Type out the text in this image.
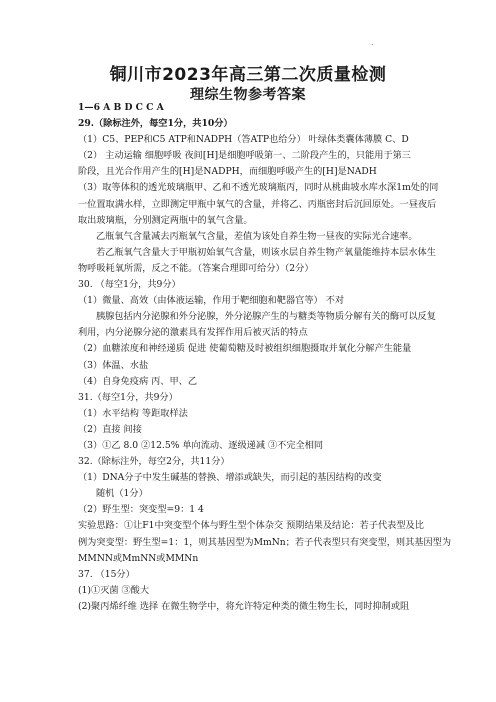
.
铜川市2023年高三第二次质量检测
理综生物参考答案
1—6 A B D C C A
29.（除标注外，每空1分，共10分）
（1）C5、PEP和C5 ATP和NADPH（答ATP也给分） 叶绿体类囊体薄膜 C、D
（2） 主动运输 细胞呼吸 夜间[H]是细胞呼吸第一、二阶段产生的，只能用于第三
阶段，且光合作用产生的[H]是NADPH，而细胞呼吸产生的[H]是NADH
（3）取等体积的透光玻璃瓶甲、乙和不透光玻璃瓶丙，同时从桃曲坡水库水深1m处的同
一位置取满水样，立即测定甲瓶中氧气的含量，并将乙、丙瓶密封后沉回原处。一昼夜后
取出玻璃瓶，分别测定两瓶中的氧气含量。
乙瓶氧气含量减去丙瓶氧气含量，差值为该处自养生物一昼夜的实际光合速率。
若乙瓶氧气含量大于甲瓶初始氧气含量，则该水层自养生物产氧量能维持本层水体生
物呼吸耗氧所需，反之不能。（答案合理即可给分）（2分）
30. （每空1分，共9分）
（1）微量、高效（由体液运输，作用于靶细胞和靶器官等） 不对
胰腺包括内分泌腺和外分泌腺，外分泌腺产生的与糖类等物质分解有关的酶可以反复
利用，内分泌腺分泌的激素具有发挥作用后被灭活的特点
（2）血糖浓度和神经递质 促进 使葡萄糖及时被组织细胞摄取并氧化分解产生能量
（3）体温、水盐
（4）自身免疫病 丙、甲、乙
31.（每空1分，共9分）
（1）水平结构 等距取样法
（2）直接 间接
（3）①乙 8.0 ②12.5% 单向流动、逐级递减 ③不完全相同
32.（除标注外，每空2分，共11分）
（1）DNA分子中发生碱基的替换、增添或缺失，而引起的基因结构的改变
随机（1分）
（2）野生型：突变型=9：1 4
实验思路：①让F1中突变型个体与野生型个体杂交 预期结果及结论：若子代表型及比
例为突变型：野生型=1：1，则其基因型为MmNn；若子代表型只有突变型，则其基因型为
MMNN或MmNN或MMNn
37. （15分）
(1)①灭菌 ③酸大
(2)聚丙烯纤维 选择 在微生物学中，将允许特定种类的微生物生长，同时抑制或阻
